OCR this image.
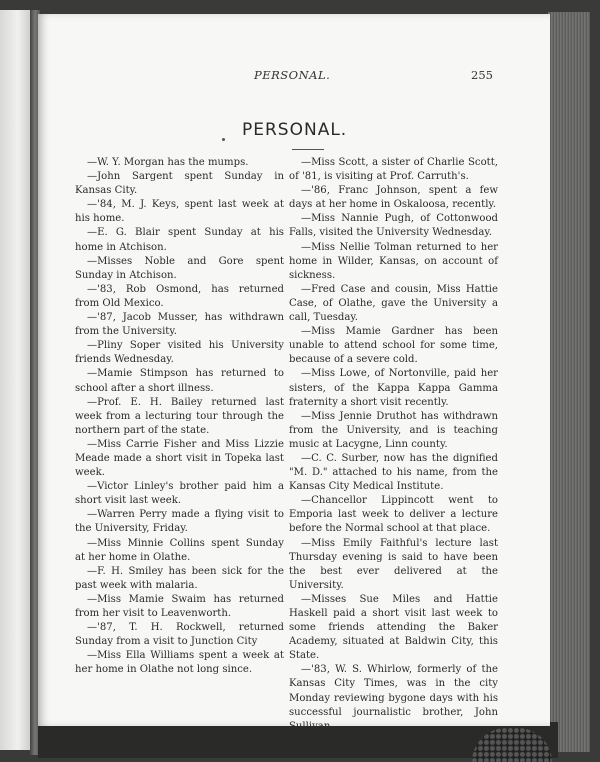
PERSONAL.	255
PERSONAL.

—W. Y. Morgan has the mumps.

—John Sargent spent Sunday in Kansas City.

—'84, M. J. Keys, spent last week at his home.

—E. G. Blair spent Sunday at his home in Atchison.

—Misses Noble and Gore spent Sunday in Atchison.

—'83, Rob Osmond, has returned from Old Mexico.

—'87, Jacob Musser, has withdrawn from the University.

—Pliny Soper visited his University friends Wednesday.

—Mamie Stimpson has returned to school after a short illness.

—Prof. E. H. Bailey returned last week from a lecturing tour through the northern part of the state.

—Miss Carrie Fisher and Miss Lizzie Meade made a short visit in Topeka last week.

—Victor Linley's brother paid him a short visit last week.

—Warren Perry made a flying visit to the University, Friday.

—Miss Minnie Collins spent Sunday at her home in Olathe.

—F. H. Smiley has been sick for the past week with malaria.

—Miss Mamie Swaim has returned from her visit to Leavenworth.

—'87, T. H. Rockwell, returned Sunday from a visit to Junction City

—Miss Ella Williams spent a week at her home in Olathe not long since.

—Miss Scott, a sister of Charlie Scott, of '81, is visiting at Prof. Carruth's.

—'86, Franc Johnson, spent a few days at her home in Oskaloosa, recently.

—Miss Nannie Pugh, of Cottonwood Falls, visited the University Wednesday.

—Miss Nellie Tolman returned to her home in Wilder, Kansas, on account of sickness.

—Fred Case and cousin, Miss Hattie Case, of Olathe, gave the University a call, Tuesday.

—Miss Mamie Gardner has been unable to attend school for some time, because of a severe cold.

—Miss Lowe, of Nortonville, paid her sisters, of the Kappa Kappa Gamma fraternity a short visit recently.

—Miss Jennie Druthot has withdrawn from the University, and is teaching music at Lacygne, Linn county.

—C. C. Surber, now has the dignified "M. D." attached to his name, from the Kansas City Medical Institute.

—Chancellor Lippincott went to Emporia last week to deliver a lecture before the Normal school at that place.

—Miss Emily Faithful's lecture last Thursday evening is said to have been the best ever delivered at the University.

—Misses Sue Miles and Hattie Haskell paid a short visit last week to some friends attending the Baker Academy, situated at Baldwin City, this State.

—'83, W. S. Whirlow, formerly of the Kansas City Times, was in the city Monday reviewing bygone days with his successful journalistic brother, John Sullivan.
